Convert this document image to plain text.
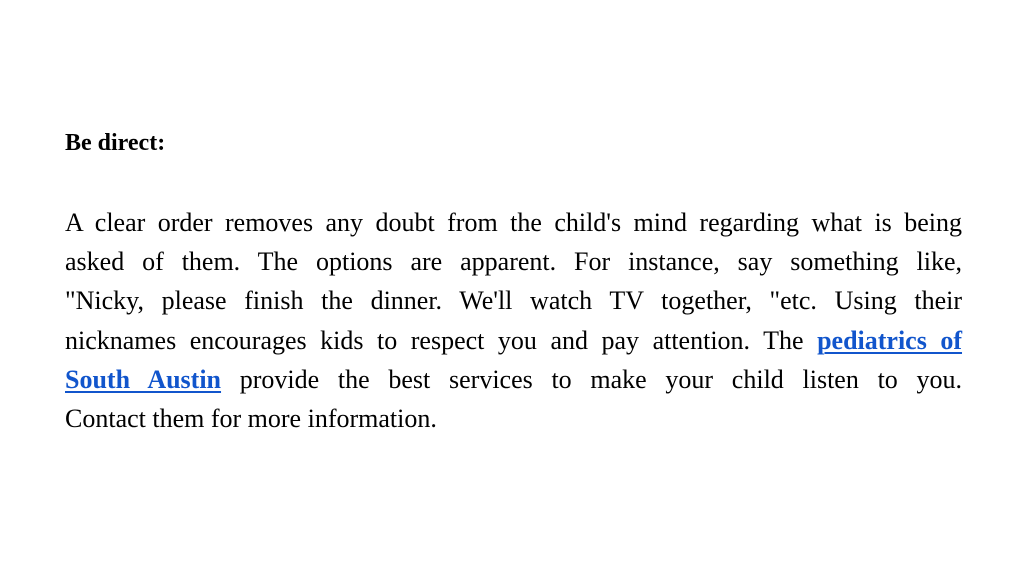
Be direct:
A clear order removes any doubt from the child's mind regarding what is being
asked of them. The options are apparent. For instance, say something like,
"Nicky, please finish the dinner. We'll watch TV together, "etc. Using their
nicknames encourages kids to respect you and pay attention. The pediatrics of
South Austin provide the best services to make your child listen to you.
Contact them for more information.
